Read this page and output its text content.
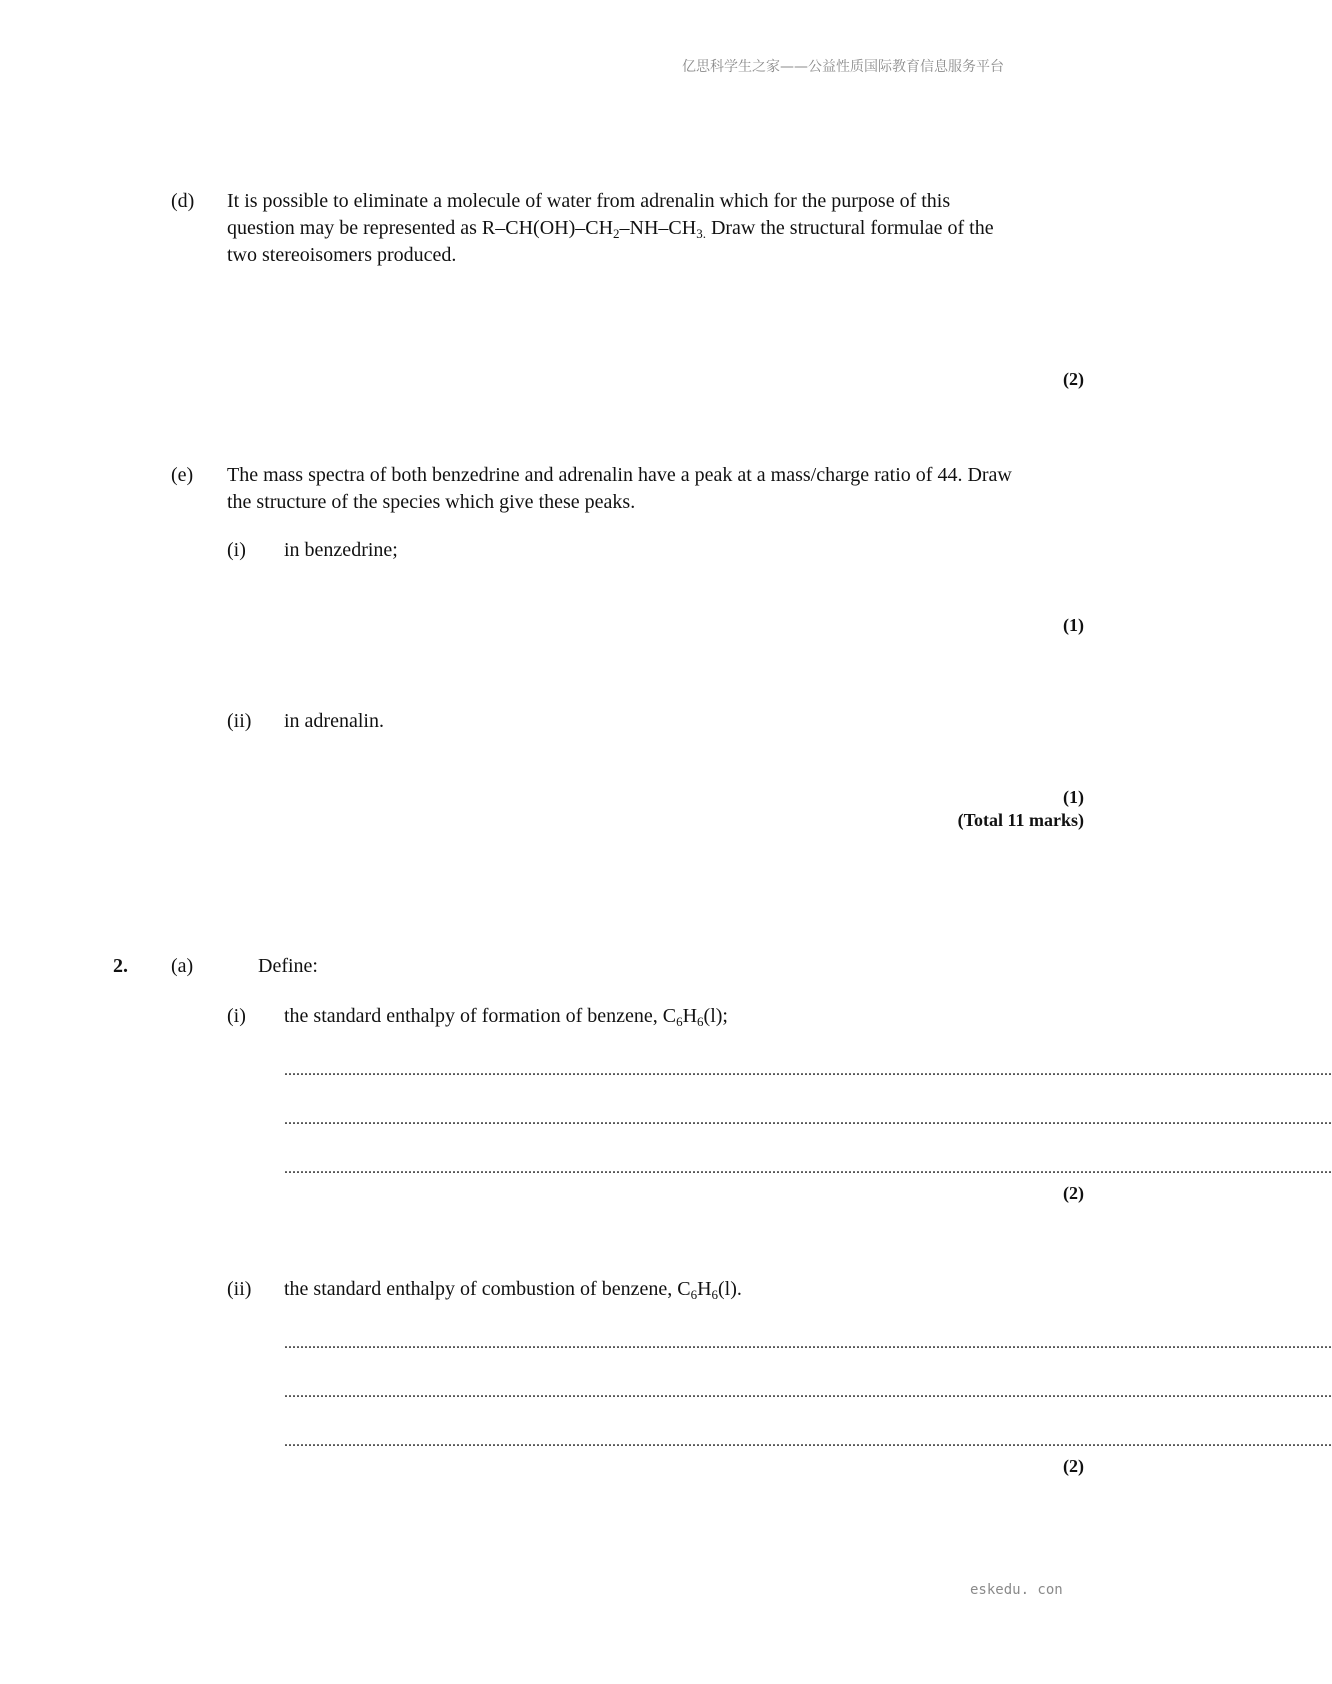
亿思科学生之家——公益性质国际教育信息服务平台
(d) It is possible to eliminate a molecule of water from adrenalin which for the purpose of this question may be represented as $R-CH(OH)-CH_2-NH-CH_{3.}$ Draw the structural formulae of the two stereoisomers produced.
(2)
(e) The mass spectra of both benzedrine and adrenalin have a peak at a mass/charge ratio of 44. Draw the structure of the species which give these peaks.
(i) in benzedrine;
(1)
(ii) in adrenalin.
(1)
(Total 11 marks)
2. (a)	Define:
(i) the standard enthalpy of formation of benzene, $C_6H_6(l)$;
......................................................................................................................................................................................................................................................................
......................................................................................................................................................................................................................................................................
......................................................................................................................................................................................................................................................................
(2)
(ii) the standard enthalpy of combustion of benzene, $C_6H_6(l)$.
......................................................................................................................................................................................................................................................................
......................................................................................................................................................................................................................................................................
......................................................................................................................................................................................................................................................................
(2)
eskedu. con
